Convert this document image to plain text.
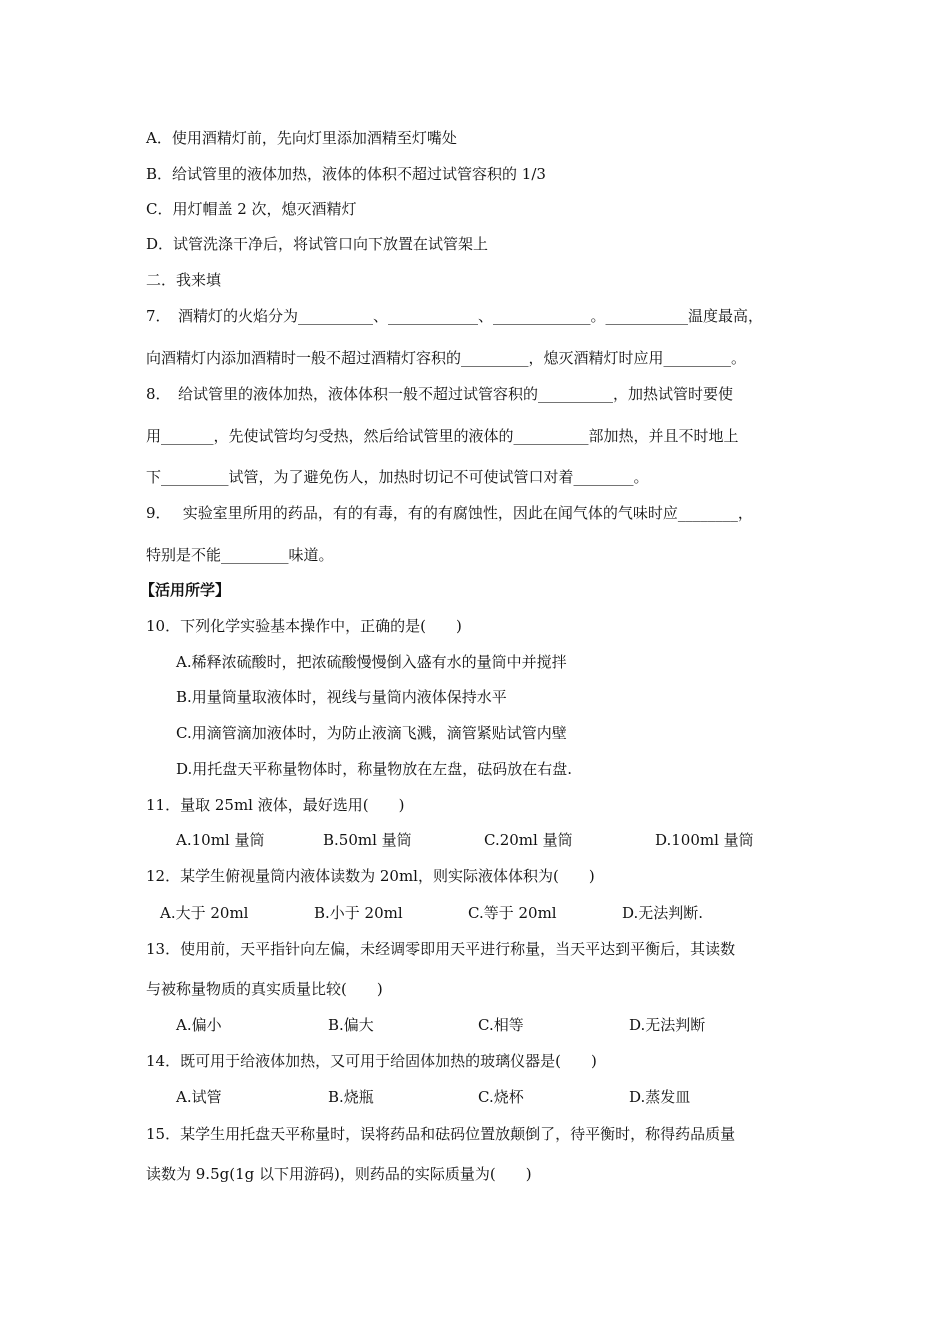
A．使用酒精灯前，先向灯里添加酒精至灯嘴处
B．给试管里的液体加热，液体的体积不超过试管容积的 1/3
C．用灯帽盖 2 次，熄灭酒精灯
D．试管洗涤干净后，将试管口向下放置在试管架上
二．我来填
7．　酒精灯的火焰分为__________、____________、_____________。___________温度最高，
向酒精灯内添加酒精时一般不超过酒精灯容积的_________，熄灭酒精灯时应用_________。
8．　给试管里的液体加热，液体体积一般不超过试管容积的__________，加热试管时要使
用_______，先使试管均匀受热，然后给试管里的液体的__________部加热，并且不时地上
下_________试管，为了避免伤人，加热时切记不可使试管口对着________。
9．　 实验室里所用的药品，有的有毒，有的有腐蚀性，因此在闻气体的气味时应________，
特别是不能_________味道。
【活用所学】
10．下列化学实验基本操作中，正确的是(　　)
A.稀释浓硫酸时，把浓硫酸慢慢倒入盛有水的量筒中并搅拌
B.用量筒量取液体时，视线与量筒内液体保持水平
C.用滴管滴加液体时，为防止液滴飞溅，滴管紧贴试管内壁
D.用托盘天平称量物体时，称量物放在左盘，砝码放在右盘.
11．量取 25ml 液体，最好选用(　　)
A.10ml 量筒	B.50ml 量筒	C.20ml 量筒	D.100ml 量筒
12．某学生俯视量筒内液体读数为 20ml，则实际液体体积为(　　)
A.大于 20ml	B.小于 20ml	C.等于 20ml	D.无法判断.
13．使用前，天平指针向左偏，未经调零即用天平进行称量，当天平达到平衡后，其读数
与被称量物质的真实质量比较(　　)
A.偏小	B.偏大	C.相等	D.无法判断
14．既可用于给液体加热，又可用于给固体加热的玻璃仪器是(　　)
A.试管	B.烧瓶	C.烧杯	D.蒸发皿
15．某学生用托盘天平称量时，误将药品和砝码位置放颠倒了，待平衡时，称得药品质量
读数为 9.5g(1g 以下用游码)，则药品的实际质量为(　　)
